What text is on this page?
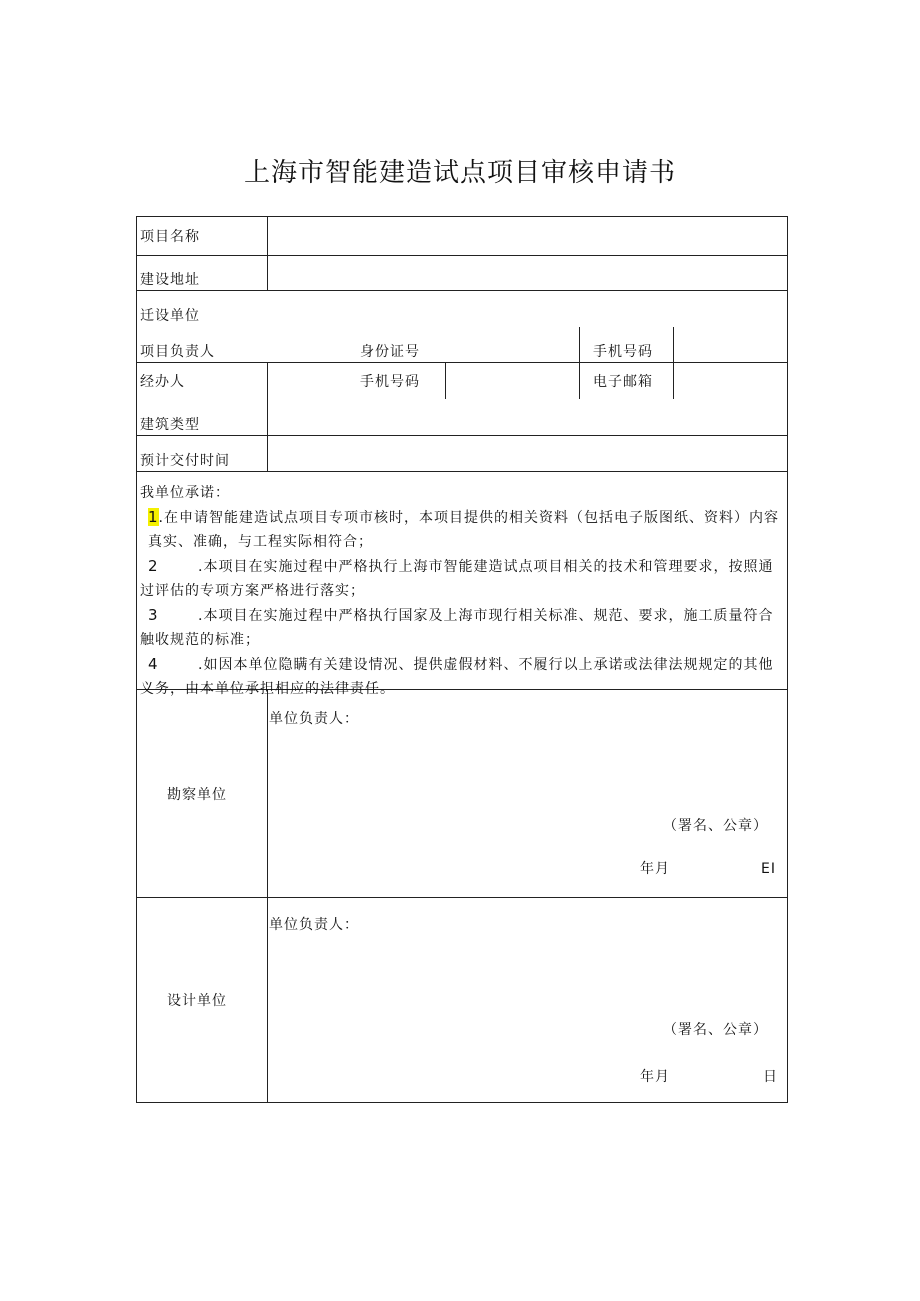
上海市智能建造试点项目审核申请书
项目名称
建设地址
迁设单位
项目负责人	身份证号	手机号码
经办人	手机号码	电子邮箱
建筑类型
预计交付时间
我单位承诺：
1.在申请智能建造试点项目专项市核时，本项目提供的相关资料（包括电子版图纸、资料）内容真实、准确，与工程实际相符合；
2	.本项目在实施过程中严格执行上海市智能建造试点项目相关的技术和管理要求，按照通过评估的专项方案严格进行落实；
3	.本项目在实施过程中严格执行国家及上海市现行相关标准、规范、要求，施工质量符合触收规范的标准；
4	.如因本单位隐瞒有关建设情况、提供虚假材料、不履行以上承诺或法律法规规定的其他义务，由本单位承担相应的法律责任。
勘察单位
单位负责人：
（署名、公章）
年月	EI
设计单位
单位负责人：
（署名、公章）
年月	日
